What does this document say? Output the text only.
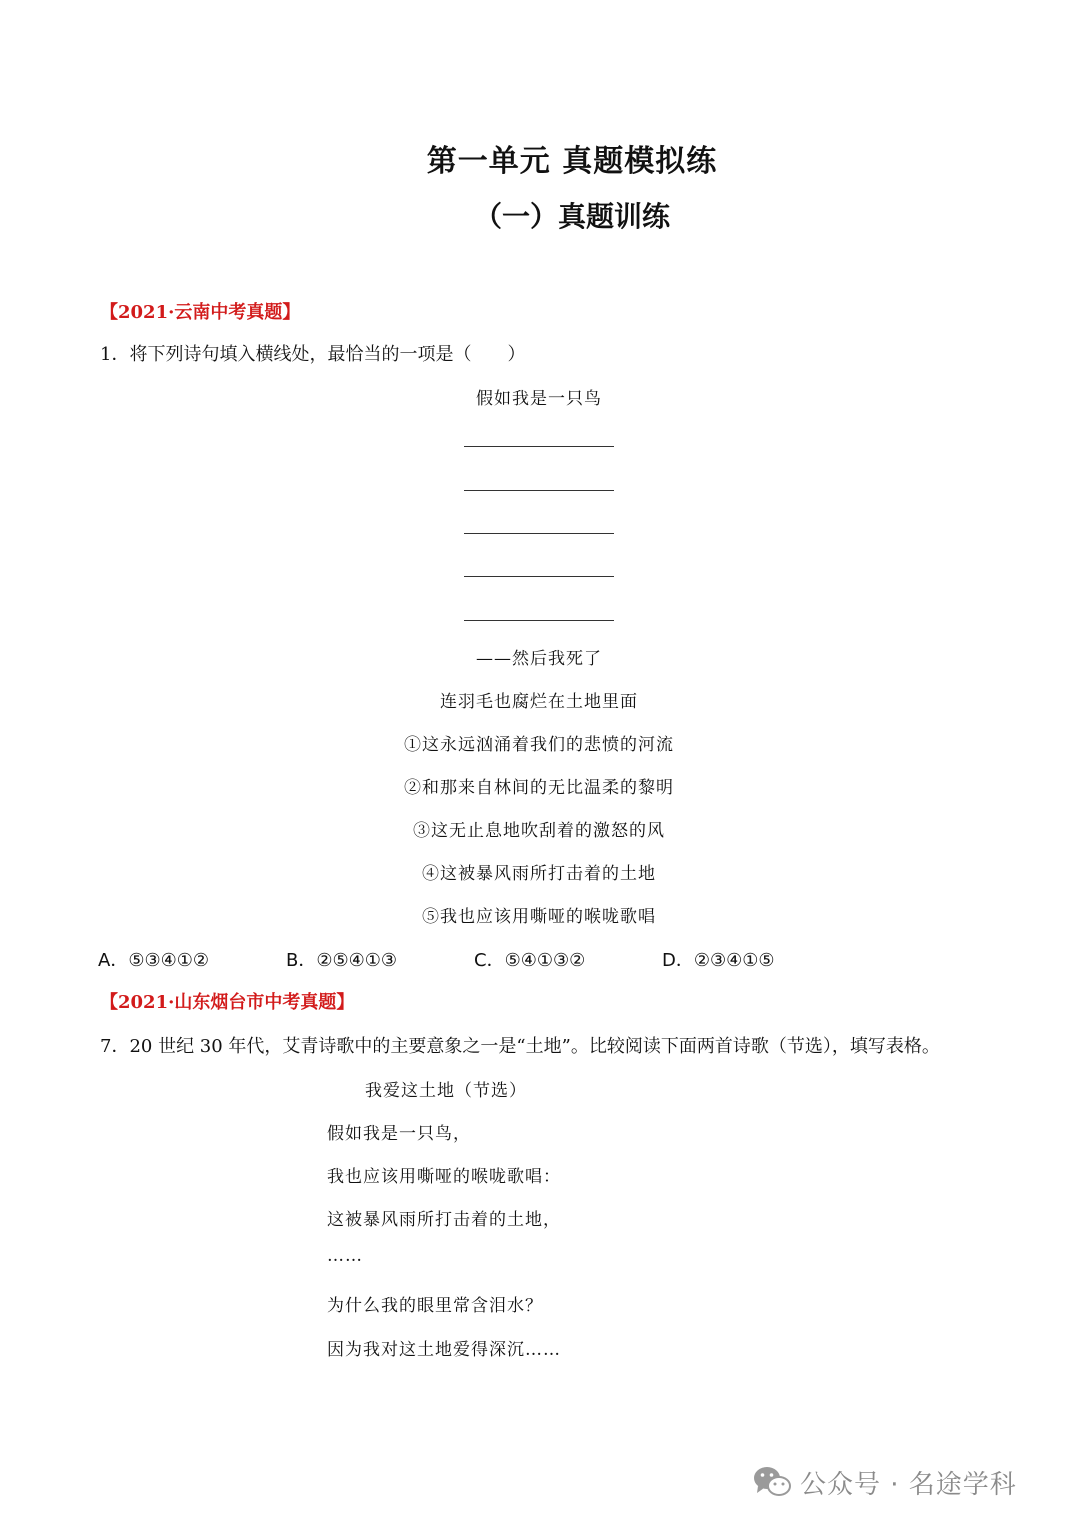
第一单元 真题模拟练
（一）真题训练
【2021·云南中考真题】
1．将下列诗句填入横线处，最恰当的一项是（　　）
假如我是一只鸟
——然后我死了
连羽毛也腐烂在土地里面
①这永远汹涌着我们的悲愤的河流
②和那来自林间的无比温柔的黎明
③这无止息地吹刮着的激怒的风
④这被暴风雨所打击着的土地
⑤我也应该用嘶哑的喉咙歌唱
A．⑤③④①②	B．②⑤④①③	C．⑤④①③②	D．②③④①⑤
【2021·山东烟台市中考真题】
7．20 世纪 30 年代，艾青诗歌中的主要意象之一是“土地”。比较阅读下面两首诗歌（节选），填写表格。
我爱这土地（节选）
假如我是一只鸟，
我也应该用嘶哑的喉咙歌唱：
这被暴风雨所打击着的土地，
……
为什么我的眼里常含泪水？
因为我对这土地爱得深沉……
公众号 · 名途学科
